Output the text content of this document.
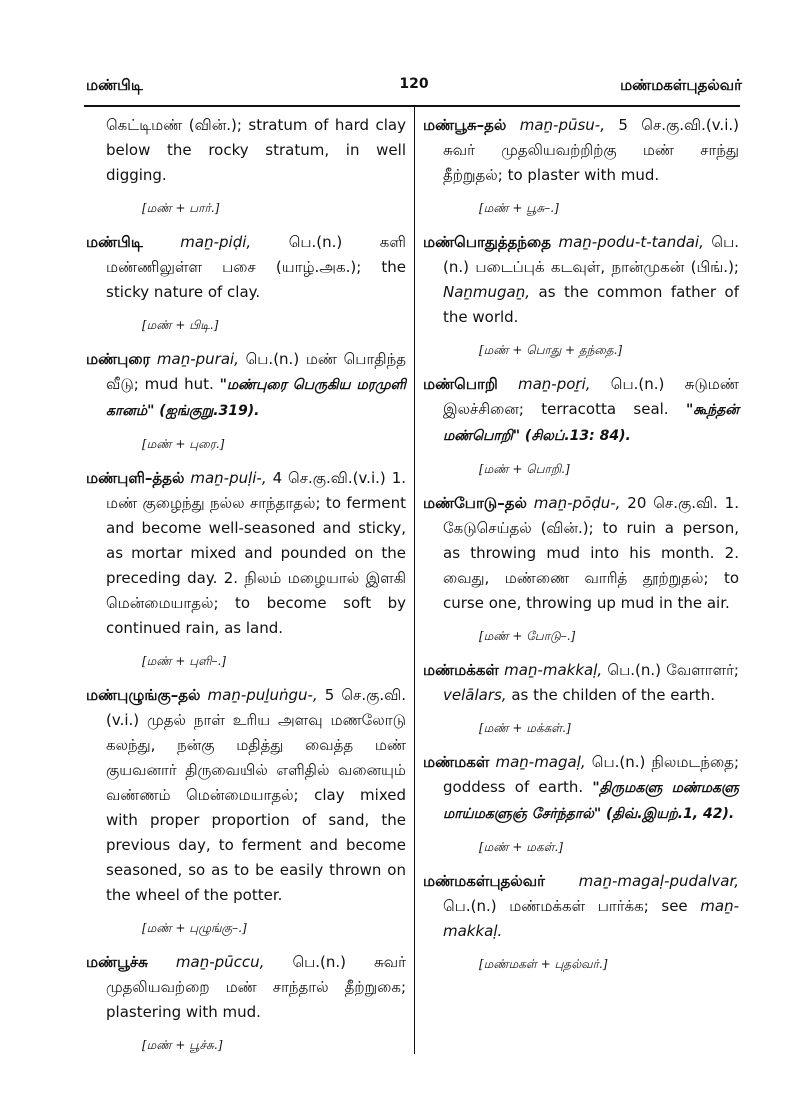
மண்பிடி	120	மண்மகள்புதல்வர்

கெட்டிமண் (வின்.); stratum of hard clay below the rocky stratum, in well digging.

[மண் + பார்.]

மண்பிடி	maṉ-piḍi,	பெ.(n.)	களி மண்ணிலுள்ள பசை (யாழ்.அக.); the sticky nature of clay.

[மண் + பிடி.]

மண்புரை maṉ-purai, பெ.(n.) மண் பொதிந்த வீடு; mud hut. "மண்புரை பெருகிய மரமுளி கானம்" (ஐங்குறு.319).

[மண் + புரை.]

மண்புளி–த்தல் maṉ-puḷi-, 4 செ.கு.வி.(v.i.) 1. மண் குழைந்து நல்ல சாந்தாதல்; to ferment and become well-seasoned and sticky, as mortar mixed and pounded on the preceding day. 2. நிலம் மழையால் இளகி மென்மையாதல்; to become soft by continued rain, as land.

[மண் + புளி–.]

மண்புழுங்கு–தல் maṉ-puḻuṅgu-, 5 செ.கு.வி. (v.i.) முதல் நாள் உரிய அளவு மணலோடு கலந்து, நன்கு மதித்து வைத்த மண் குயவனார் திருவையில் எளிதில் வனையும் வண்ணம் மென்மையாதல்; clay mixed with proper proportion of sand, the previous day, to ferment and become seasoned, so as to be easily thrown on the wheel of the potter.

[மண் + புழுங்கு–.]

மண்பூச்சு maṉ-pūccu, பெ.(n.) சுவர் முதலியவற்றை மண் சாந்தால் தீற்றுகை; plastering with mud.

[மண் + பூச்சு.]

மண்பூசு–தல் maṉ-pūsu-, 5 செ.கு.வி.(v.i.) சுவர் முதலியவற்றிற்கு மண் சாந்து தீற்றுதல்; to plaster with mud.

[மண் + பூசு–.]

மண்பொதுத்தந்தை maṉ-podu-t-tandai, பெ.(n.) படைப்புக் கடவுள், நான்முகன் (பிங்.); Naṉmugaṉ, as the common father of the world.

[மண் + பொது + தந்தை.]

மண்பொறி maṉ-poṟi, பெ.(n.) சுடுமண் இலச்சினை; terracotta seal. "கூந்தன் மண்பொறி" (சிலப்.13: 84).

[மண் + பொறி.]

மண்போடு–தல் maṉ-pōḍu-, 20 செ.கு.வி. 1. கேடுசெய்தல் (வின்.); to ruin a person, as throwing mud into his month. 2. வைது, மண்ணை வாரித் தூற்றுதல்; to curse one, throwing up mud in the air.

[மண் + போடு–.]

மண்மக்கள் maṉ-makkaḷ, பெ.(n.) வேளாளர்; velālars, as the childen of the earth.

[மண் + மக்கள்.]

மண்மகள் maṉ-magaḷ, பெ.(n.) நிலமடந்தை; goddess of earth. "திருமகளு மண்மகளு மாய்மகளுஞ் சேர்ந்தால்" (திவ்.இயற்.1, 42).

[மண் + மகள்.]

மண்மகள்புதல்வர் maṉ-magaḷ-pudalvar, பெ.(n.) மண்மக்கள் பார்க்க; see maṉ-makkaḷ.

[மண்மகள் + புதல்வர்.]
